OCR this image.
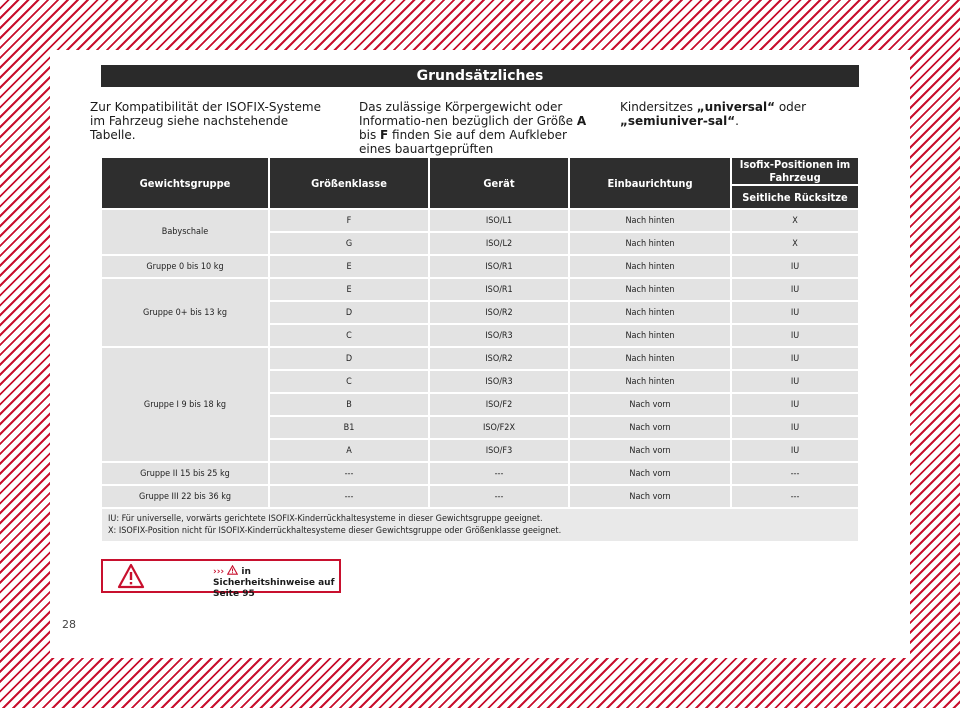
Grundsätzliches
Zur Kompatibilität der ISOFIX-Systeme im Fahrzeug siehe nachstehende Tabelle.
Das zulässige Körpergewicht oder Informatio-nen bezüglich der Größe A bis F finden Sie auf dem Aufkleber eines bauartgeprüften
Kindersitzes „universal“ oder „semiuniver-sal“.
Gewichtsgruppe	Größenklasse	Gerät	Einbaurichtung	Isofix-Positionen im Fahrzeug
				Seitliche Rücksitze
Babyschale	F	ISO/L1	Nach hinten	X
	G	ISO/L2	Nach hinten	X
Gruppe 0 bis 10 kg	E	ISO/R1	Nach hinten	IU
Gruppe 0+ bis 13 kg	E	ISO/R1	Nach hinten	IU
	D	ISO/R2	Nach hinten	IU
	C	ISO/R3	Nach hinten	IU
Gruppe I 9 bis 18 kg	D	ISO/R2	Nach hinten	IU
	C	ISO/R3	Nach hinten	IU
	B	ISO/F2	Nach vorn	IU
	B1	ISO/F2X	Nach vorn	IU
	A	ISO/F3	Nach vorn	IU
Gruppe II 15 bis 25 kg	---	---	Nach vorn	---
Gruppe III 22 bis 36 kg	---	---	Nach vorn	---

IU: Für universelle, vorwärts gerichtete ISOFIX-Kinderrückhaltesysteme in dieser Gewichtsgruppe geeignet.
X: ISOFIX-Position nicht für ISOFIX-Kinderrückhaltesysteme dieser Gewichtsgruppe oder Größenklasse geeignet.				
›››  in Sicherheitshinweise auf
Seite 95
28
